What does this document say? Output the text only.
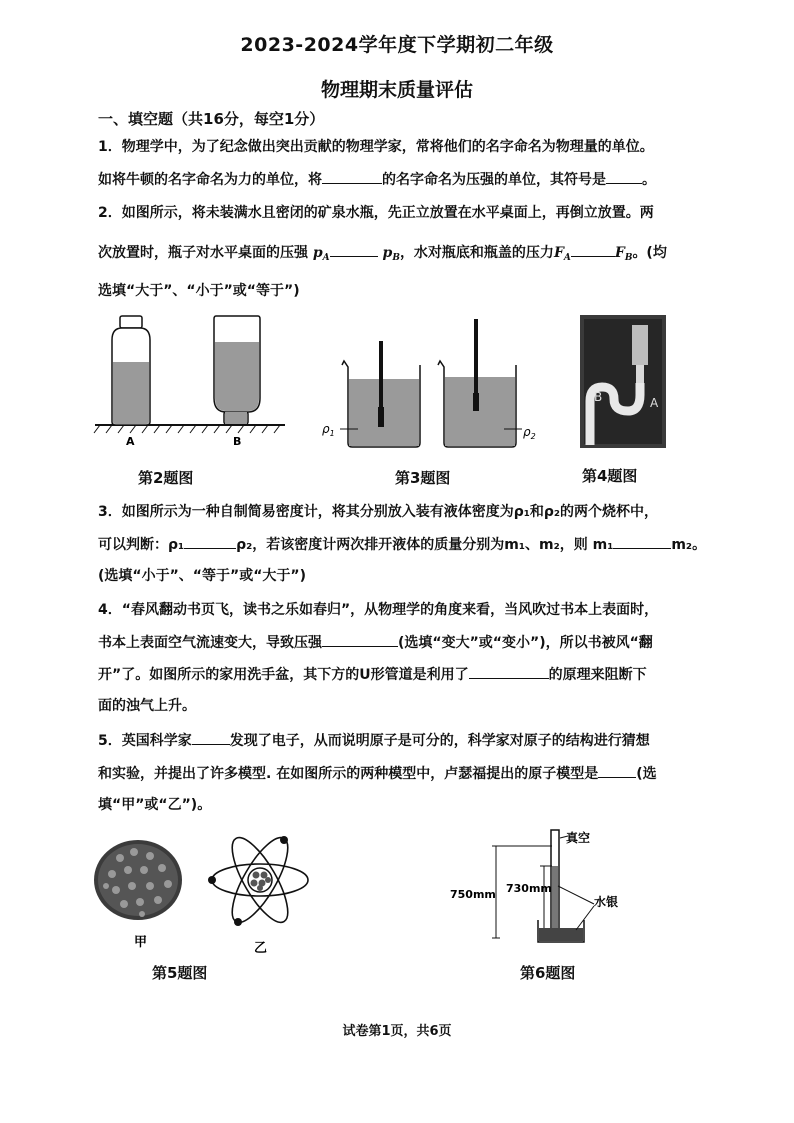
2023-2024学年度下学期初二年级
物理期末质量评估
一、填空题（共16分，每空1分）
1．物理学中，为了纪念做出突出贡献的物理学家，常将他们的名字命名为物理量的单位。
如将牛顿的名字命名为力的单位，将	的名字命名为压强的单位，其符号是	。
2．如图所示，将未装满水且密闭的矿泉水瓶，先正立放置在水平桌面上，再倒立放置。两
次放置时，瓶子对水平桌面的压强 $p_A$	$p_B$，水对瓶底和瓶盖的压力$F_A$	$F_B$。(均
选填“大于”、“小于”或“等于”)
A	B
$\rho_1$	$\rho_2$
B	A
第2题图	第3题图	第4题图
3．如图所示为一种自制简易密度计，将其分别放入装有液体密度为ρ₁和ρ₂的两个烧杯中，
可以判断：ρ₁	ρ₂，若该密度计两次排开液体的质量分别为m₁、m₂，则 m₁	m₂。
(选填“小于”、“等于”或“大于”)
4．“春风翻动书页飞，读书之乐如春归”，从物理学的角度来看，当风吹过书本上表面时，
书本上表面空气流速变大，导致压强	(选填“变大”或“变小”)，所以书被风“翻
开”了。如图所示的家用洗手盆，其下方的U形管道是利用了	的原理来阻断下
面的浊气上升。
5．英国科学家	发现了电子，从而说明原子是可分的，科学家对原子的结构进行猜想
和实验，并提出了许多模型. 在如图所示的两种模型中，卢瑟福提出的原子模型是	(选
填“甲”或“乙”)。
甲	乙
真空
750mm 730mm
水银
第5题图	第6题图
试卷第1页，共6页
